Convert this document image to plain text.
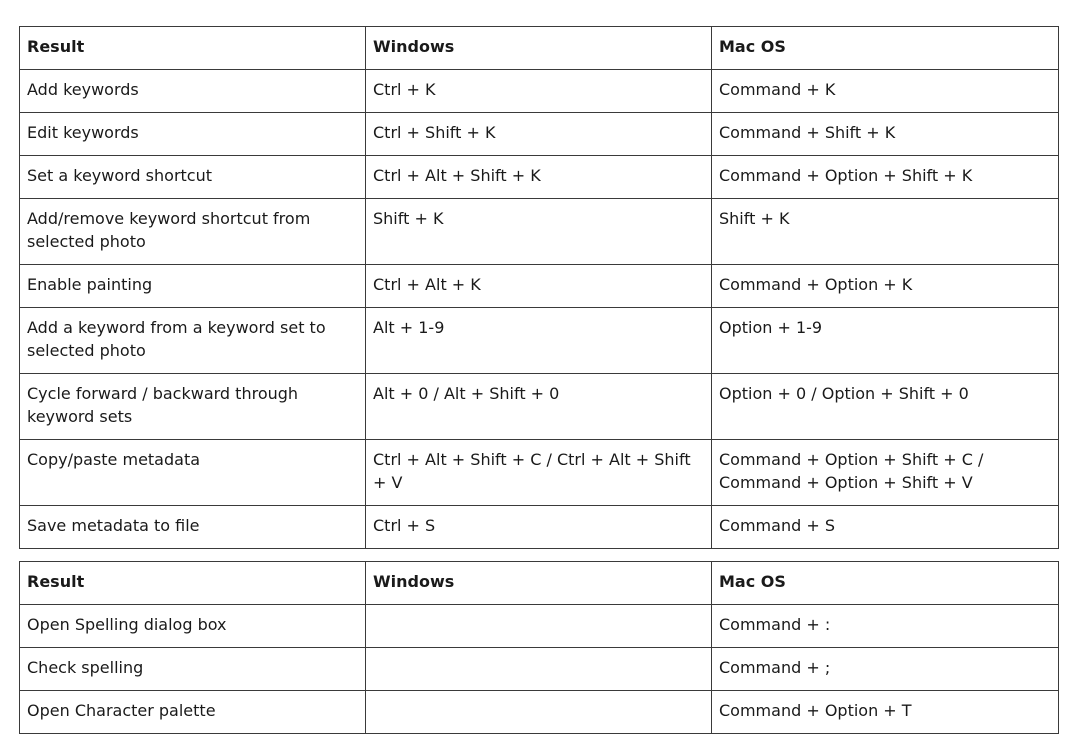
Result	Windows	Mac OS
Add keywords	Ctrl + K	Command + K
Edit keywords	Ctrl + Shift + K	Command + Shift + K
Set a keyword shortcut	Ctrl + Alt + Shift + K	Command + Option + Shift + K
Add/remove keyword shortcut from selected photo	Shift + K	Shift + K
Enable painting	Ctrl + Alt + K	Command + Option + K
Add a keyword from a keyword set to selected photo	Alt + 1-9	Option + 1-9
Cycle forward / backward through keyword sets	Alt + 0 / Alt + Shift + 0	Option + 0 / Option + Shift + 0
Copy/paste metadata	Ctrl + Alt + Shift + C / Ctrl + Alt + Shift + V	Command + Option + Shift + C / Command + Option + Shift + V
Save metadata to file	Ctrl + S	Command + S
Result	Windows	Mac OS
Open Spelling dialog box		Command + :
Check spelling		Command + ;
Open Character palette		Command + Option + T
